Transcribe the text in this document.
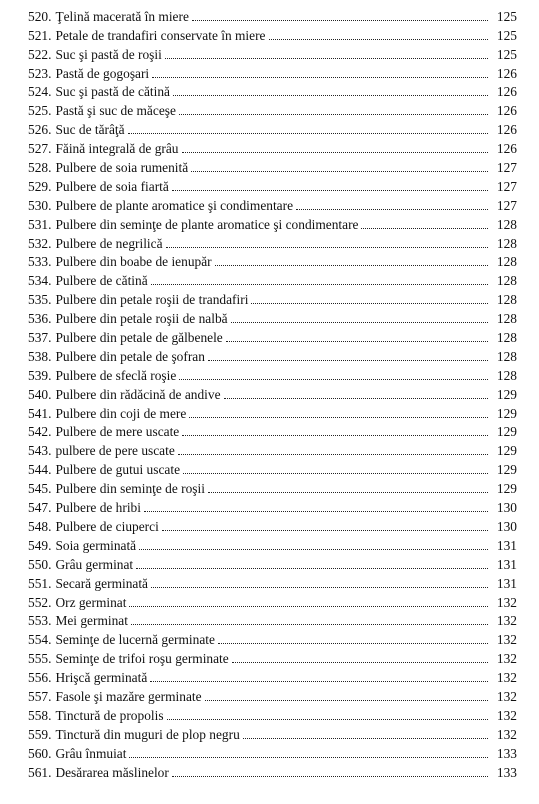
520. Ţelină macerată în miere	125
521. Petale de trandafiri conservate în miere	125
522. Suc şi pastă de roşii	125
523. Pastă de gogoşari	126
524. Suc şi pastă de cătină	126
525. Pastă şi suc de măceşe	126
526. Suc de tărâţă	126
527. Făină integrală de grâu	126
528. Pulbere de soia rumenită	127
529. Pulbere de soia fiartă	127
530. Pulbere de plante aromatice şi condimentare	127
531. Pulbere din seminţe de plante aromatice şi condimentare	128
532. Pulbere de negrilică	128
533. Pulbere din boabe de ienupăr	128
534. Pulbere de cătină	128
535. Pulbere din petale roşii de trandafiri	128
536. Pulbere din petale roşii de nalbă	128
537. Pulbere din petale de gălbenele	128
538. Pulbere din petale de şofran	128
539. Pulbere de sfeclă roşie	128
540. Pulbere din rădăcină de andive	129
541. Pulbere din coji de mere	129
542. Pulbere de mere uscate	129
543. pulbere de pere uscate	129
544. Pulbere de gutui uscate	129
545. Pulbere din seminţe de roşii	129
547. Pulbere de hribi	130
548. Pulbere de ciuperci	130
549. Soia germinată	131
550. Grâu germinat	131
551. Secară germinată	131
552. Orz germinat	132
553. Mei germinat	132
554. Seminţe de lucernă germinate	132
555. Seminţe de trifoi roşu germinate	132
556. Hrişcă germinată	132
557. Fasole şi mazăre germinate	132
558. Tinctură de propolis	132
559. Tinctură din muguri de plop negru	132
560. Grâu înmuiat	133
561. Desărarea măslinelor	133
